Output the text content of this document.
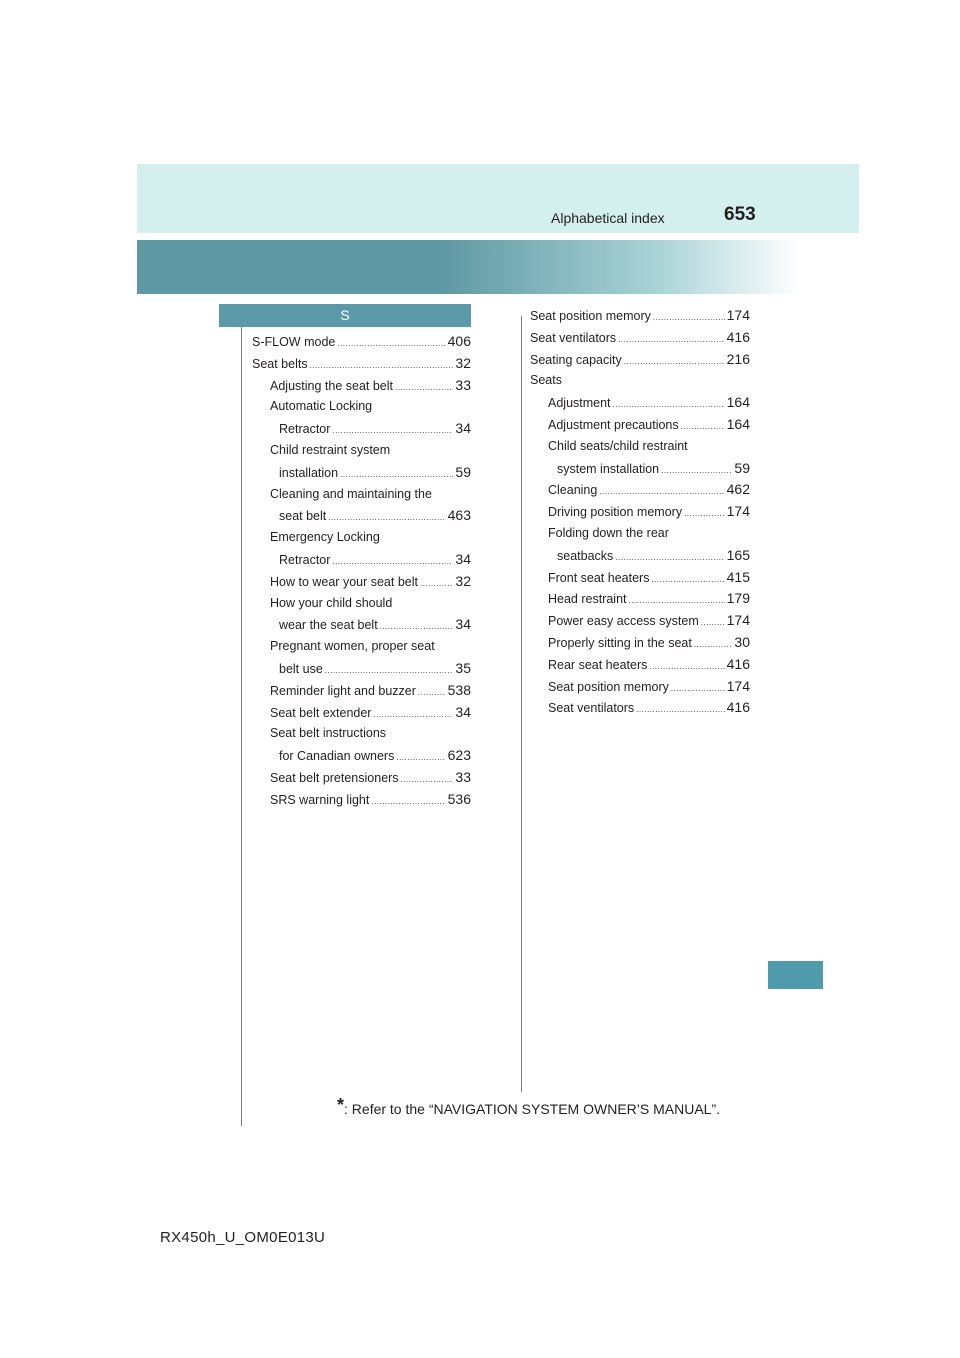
Alphabetical index	653
S
S-FLOW mode .....	406
Seat belts .....	32
Adjusting the seat belt .....	33
Automatic Locking
Retractor .....	34
Child restraint system
installation .....	59
Cleaning and maintaining the
seat belt .....	463
Emergency Locking
Retractor .....	34
How to wear your seat belt .....	32
How your child should
wear the seat belt .....	34
Pregnant women, proper seat
belt use .....	35
Reminder light and buzzer ..... 538
Seat belt extender .....	34
Seat belt instructions
for Canadian owners .....	623
Seat belt pretensioners .....	33
SRS warning light .....	536
Seat position memory .....	174
Seat ventilators .....	416
Seating capacity .....	216
Seats
Adjustment .....	164
Adjustment precautions .....	164
Child seats/child restraint
system installation .....	59
Cleaning .....	462
Driving position memory .....	174
Folding down the rear
seatbacks .....	165
Front seat heaters .....	415
Head restraint .....	179
Power easy access system ..... 174
Properly sitting in the seat .....	30
Rear seat heaters .....	416
Seat position memory .....	174
Seat ventilators .....	416
*: Refer to the “NAVIGATION SYSTEM OWNER’S MANUAL”.
RX450h_U_OM0E013U
